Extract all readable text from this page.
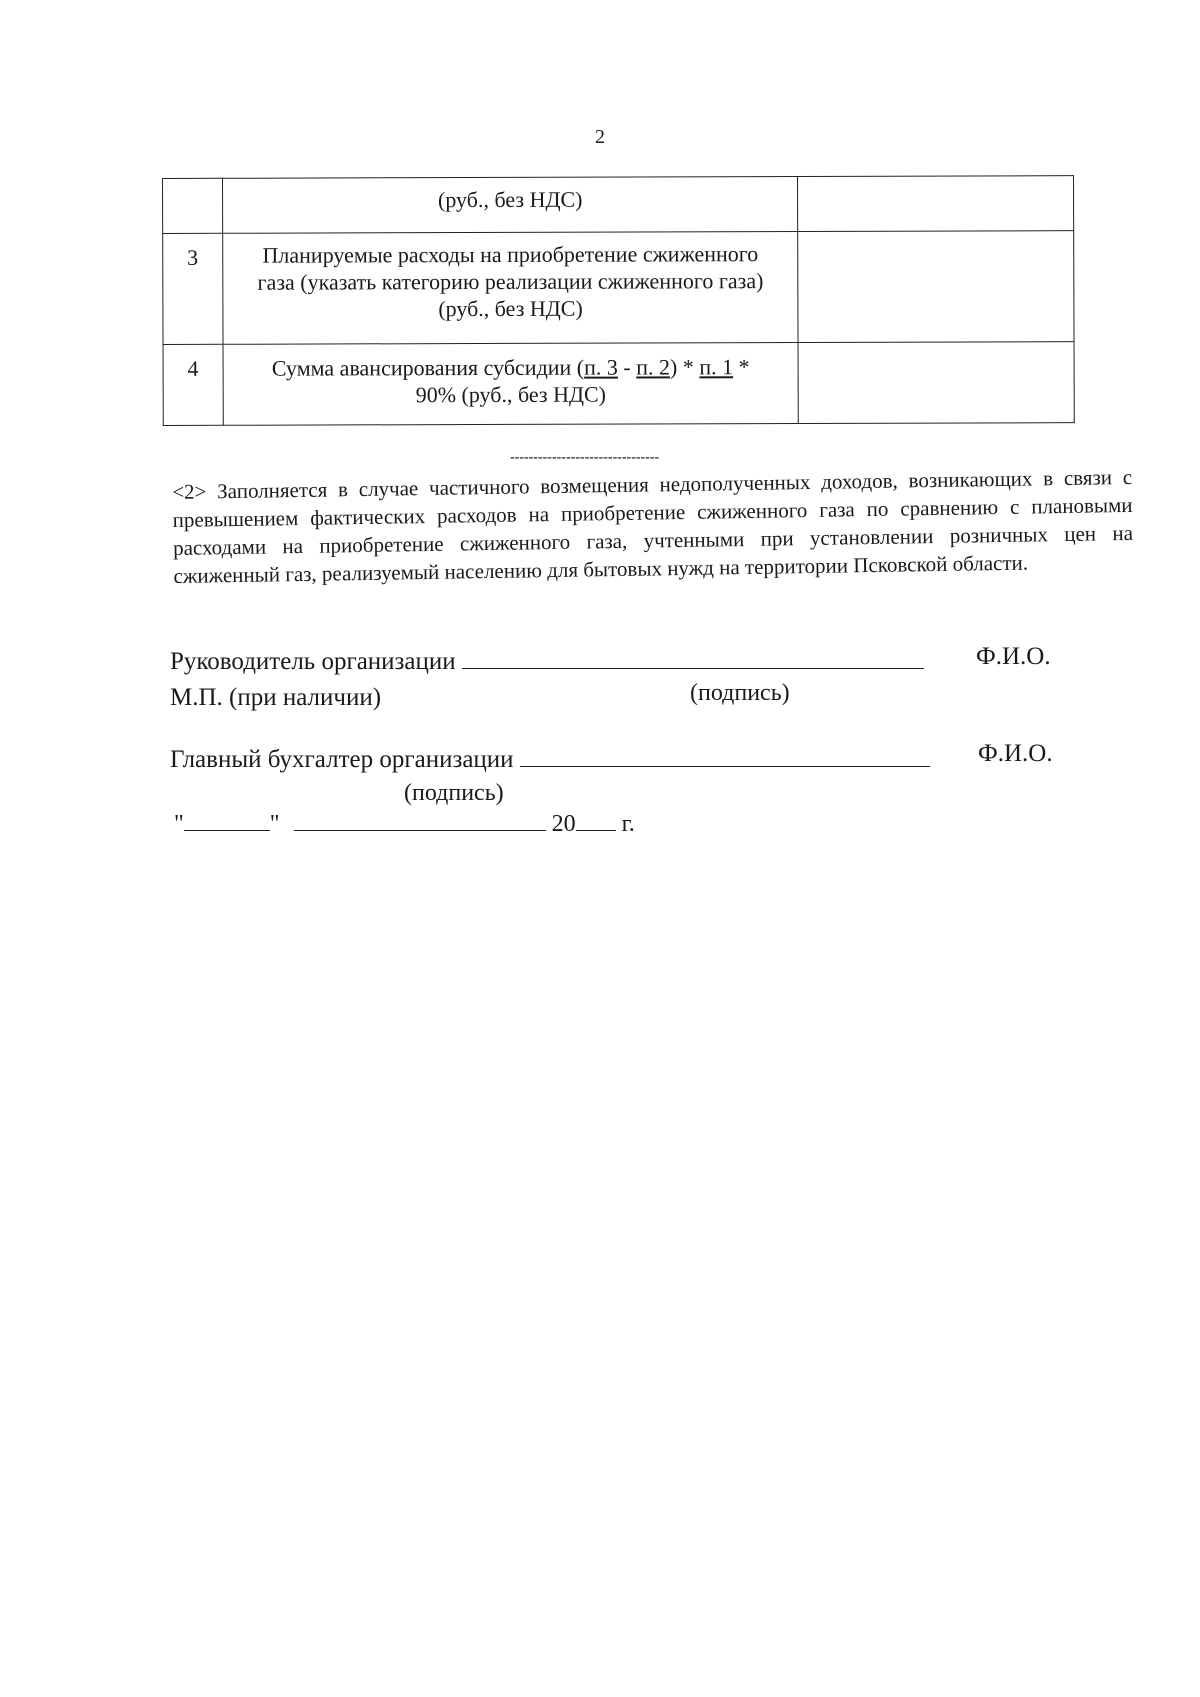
2

	(руб., без НДС)	

3	Планируемые расходы на приобретение сжиженного
газа (указать категорию реализации сжиженного газа)
(руб., без НДС)	

4	Сумма авансирования субсидии (п. 3 - п. 2) * п. 1 *
90% (руб., без НДС)	

--------------------------------
<2> Заполняется в случае частичного возмещения недополученных доходов, возникающих в связи с превышением фактических расходов на приобретение сжиженного газа по сравнению с плановыми расходами на приобретение сжиженного газа, учтенными при установлении розничных цен на сжиженный газ, реализуемый населению для бытовых нужд на территории Псковской области.
Руководитель организации	Ф.И.О.
М.П. (при наличии)	(подпись)
Главный бухгалтер организации	Ф.И.О.
(подпись)
"	"	20 г.
